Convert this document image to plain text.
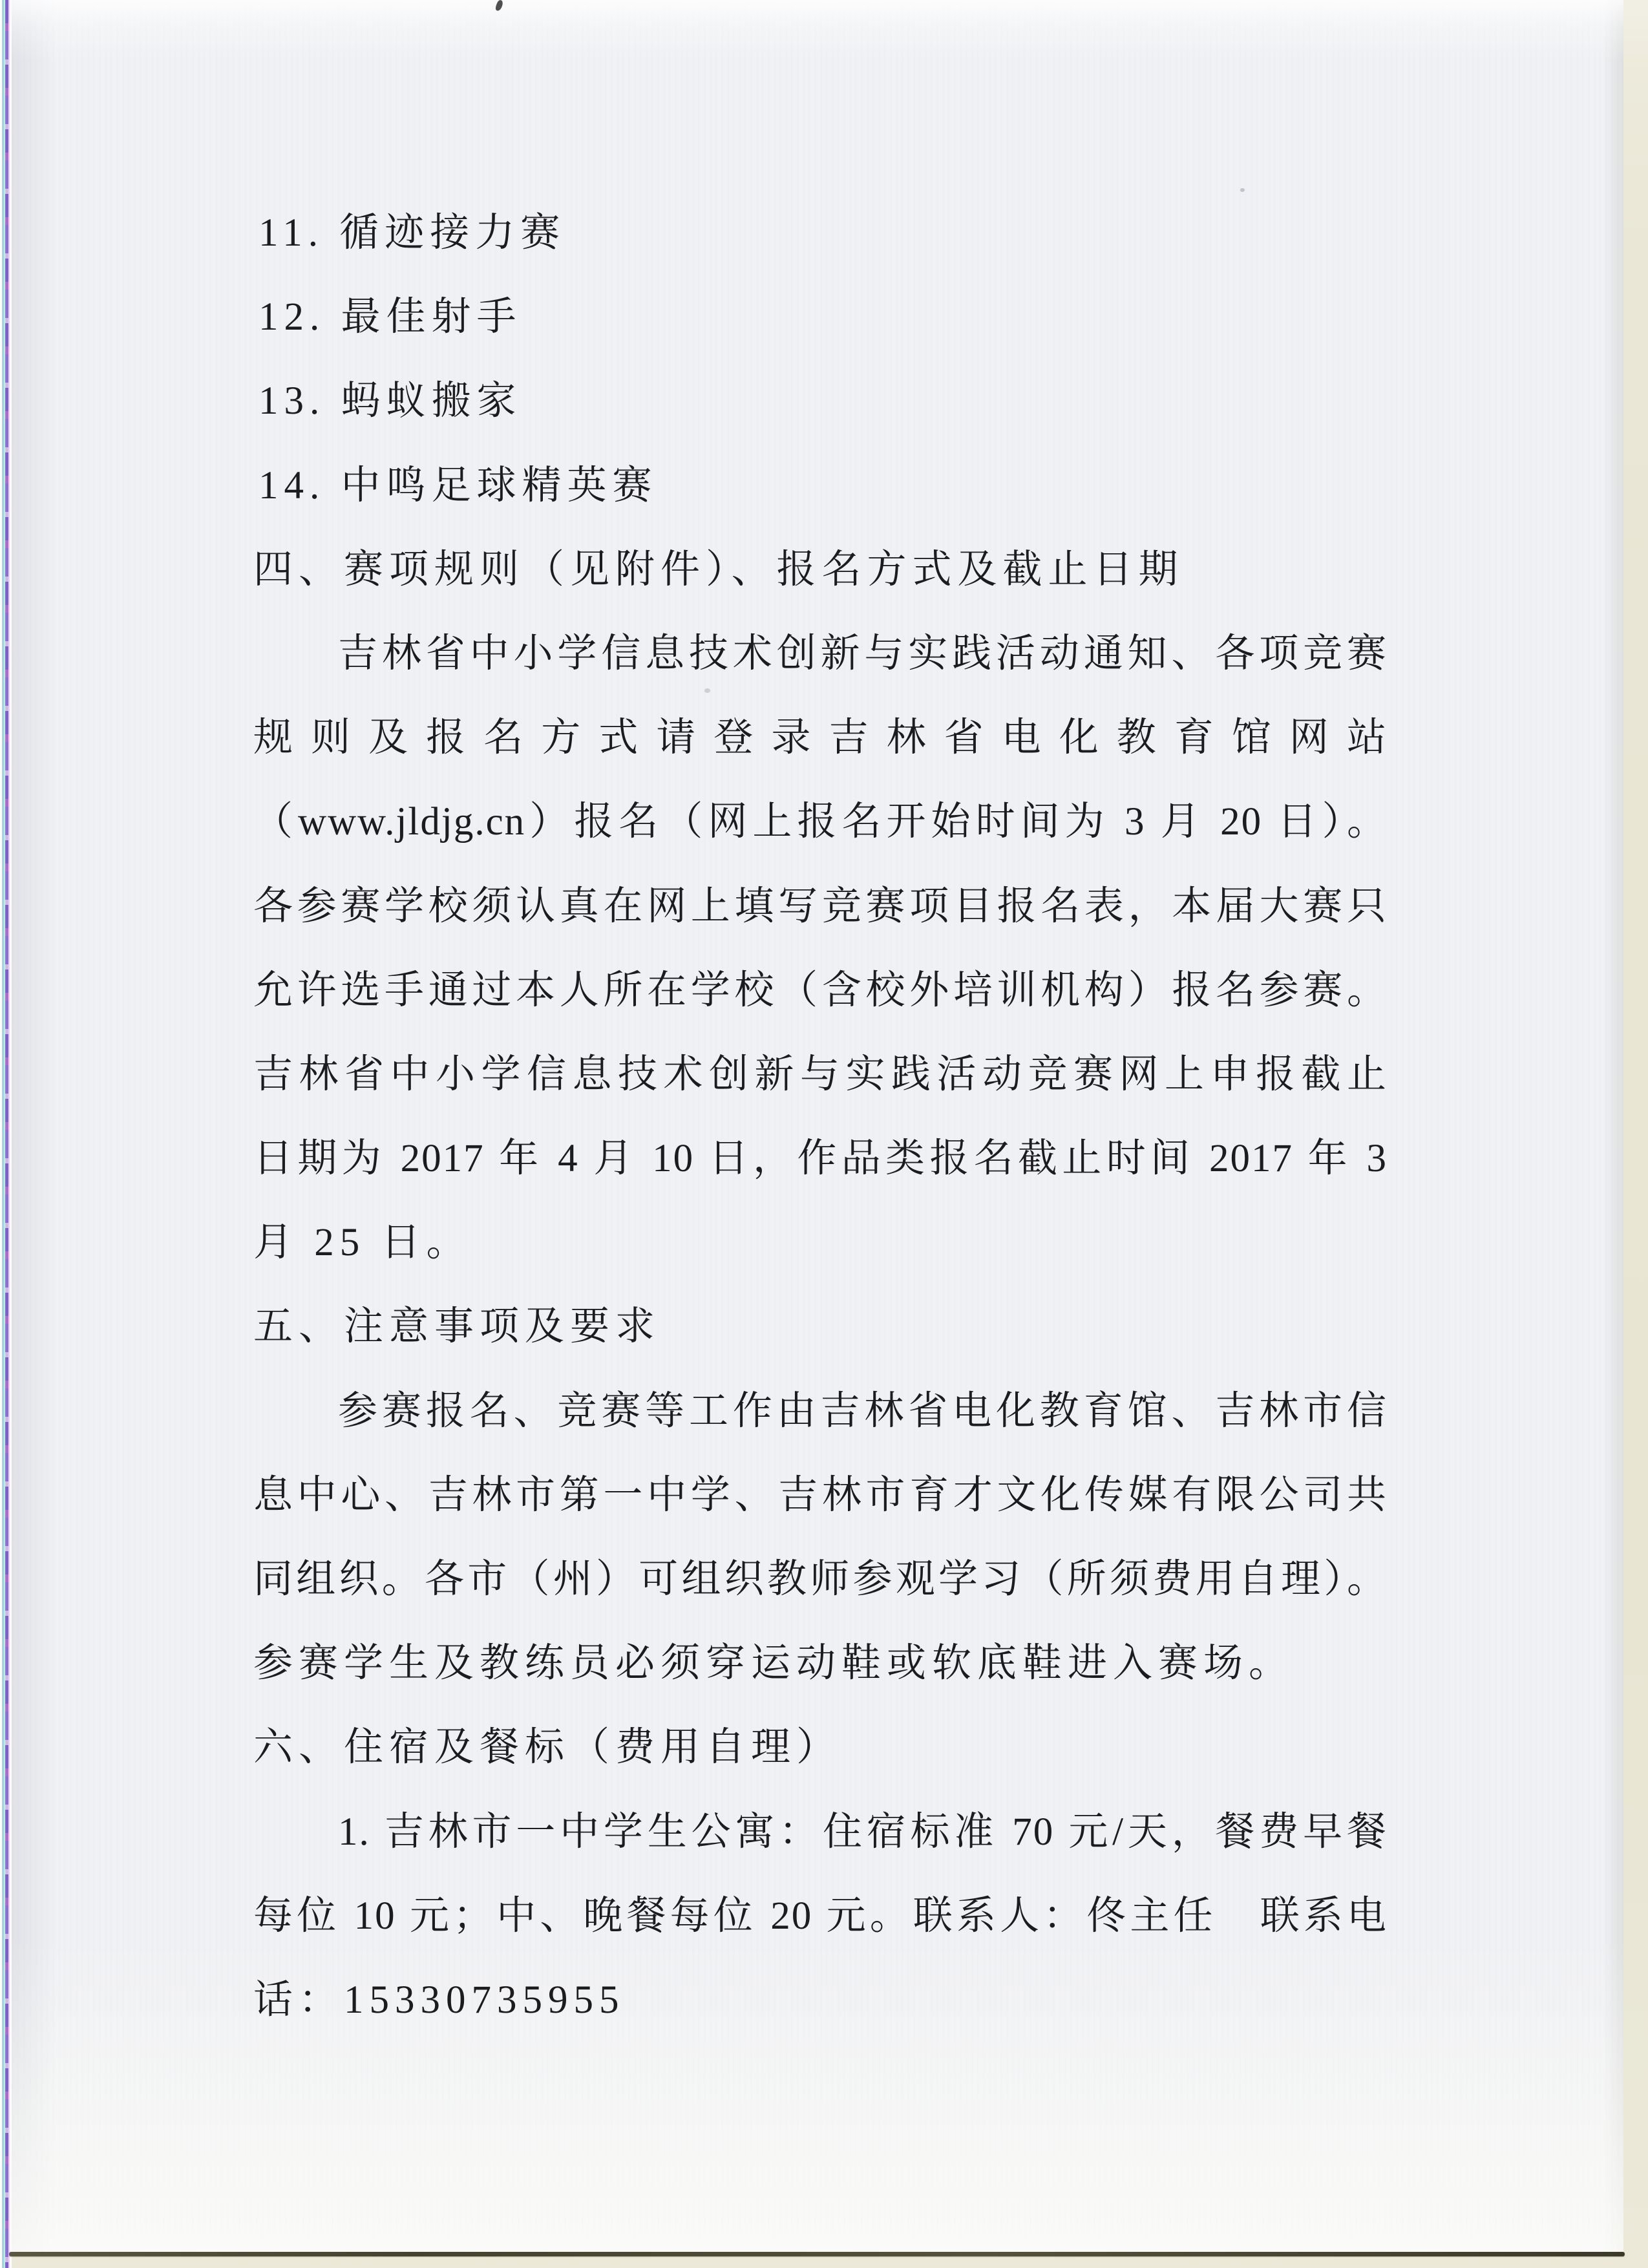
11. 循迹接力赛
12. 最佳射手
13. 蚂蚁搬家
14. 中鸣足球精英赛
四、赛项规则（见附件）、报名方式及截止日期
吉林省中小学信息技术创新与实践活动通知、各项竞赛
规则及报名方式请登录吉林省电化教育馆网站
（www.jldjg.cn）报名（网上报名开始时间为 3 月 20 日）。
各参赛学校须认真在网上填写竞赛项目报名表，本届大赛只
允许选手通过本人所在学校（含校外培训机构）报名参赛。
吉林省中小学信息技术创新与实践活动竞赛网上申报截止
日期为 2017 年 4 月 10 日，作品类报名截止时间 2017 年 3
月 25 日。
五、注意事项及要求
参赛报名、竞赛等工作由吉林省电化教育馆、吉林市信
息中心、吉林市第一中学、吉林市育才文化传媒有限公司共
同组织。各市（州）可组织教师参观学习（所须费用自理）。
参赛学生及教练员必须穿运动鞋或软底鞋进入赛场。
六、住宿及餐标（费用自理）
1. 吉林市一中学生公寓：住宿标准 70 元/天，餐费早餐
每位 10 元；中、晚餐每位 20 元。联系人：佟主任　联系电
话：15330735955
